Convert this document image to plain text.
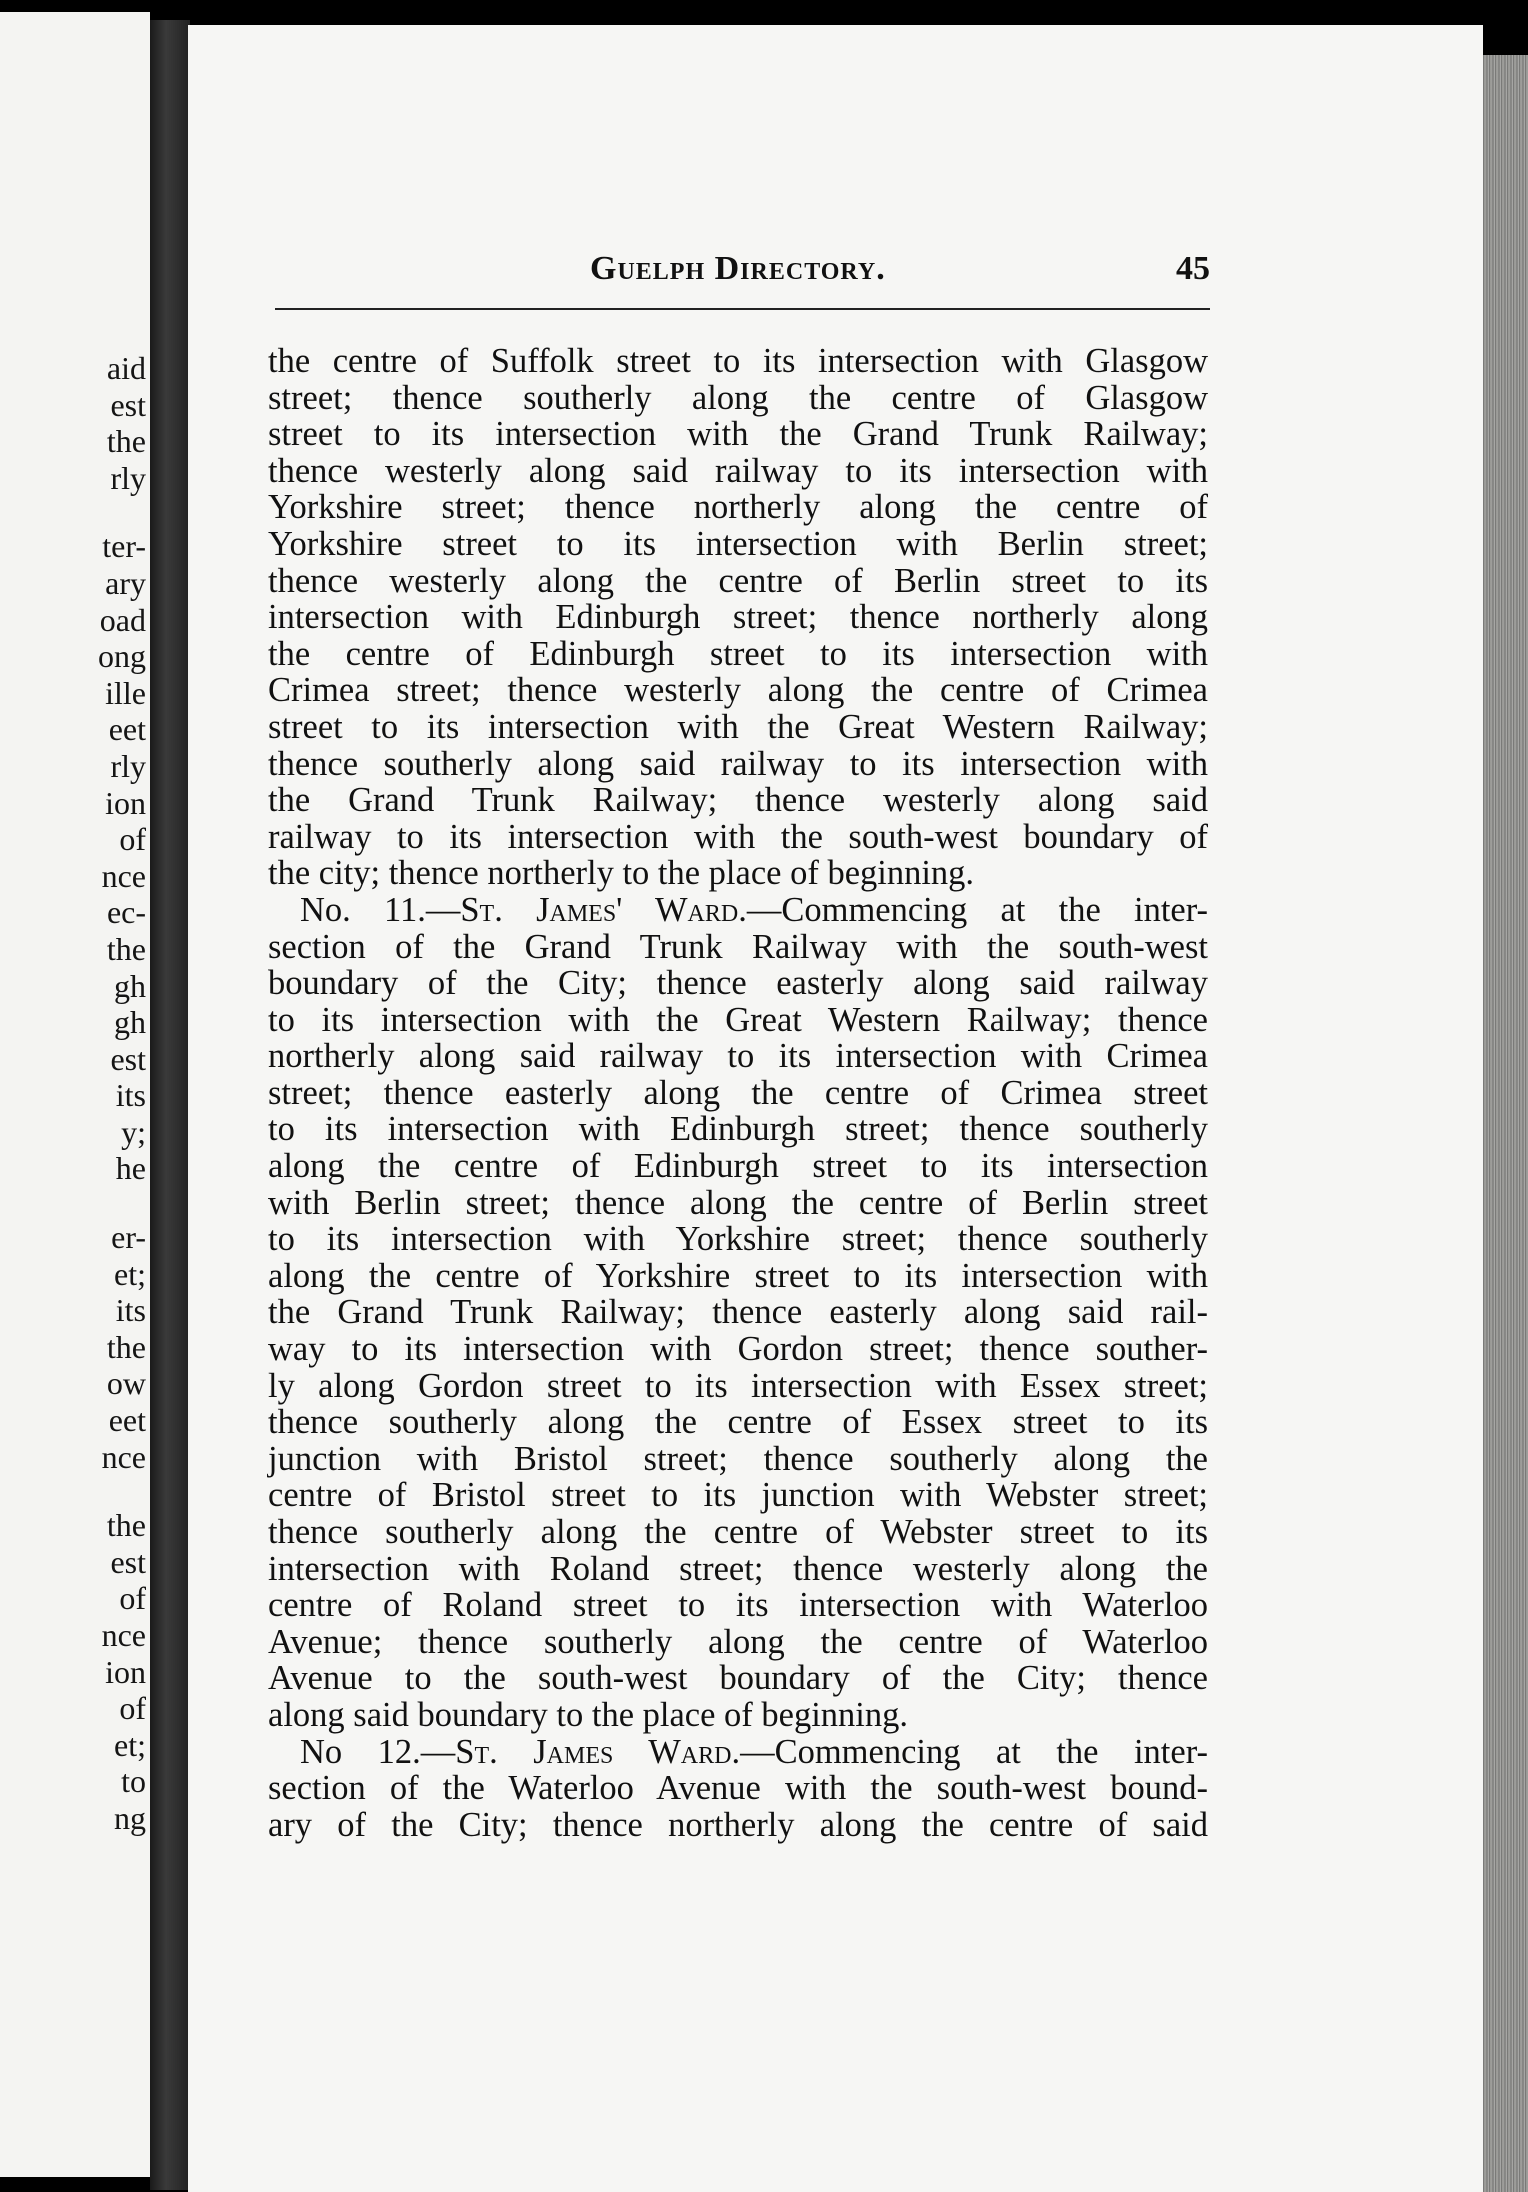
aid
est
the
rly
ter-
ary
oad
ong
ille
eet
rly
ion
of
nce
ec-
the
gh
gh
est
its
y;
he
er-
et;
its
the
ow
eet
nce
the
est
of
nce
ion
of
et;
to
ng
Guelph Directory.	45
the centre of Suffolk street to its intersection with Glasgow
street; thence southerly along the centre of Glasgow
street to its intersection with the Grand Trunk Railway;
thence westerly along said railway to its intersection with
Yorkshire street; thence northerly along the centre of
Yorkshire street to its intersection with Berlin street;
thence westerly along the centre of Berlin street to its
intersection with Edinburgh street; thence northerly along
the centre of Edinburgh street to its intersection with
Crimea street; thence westerly along the centre of Crimea
street to its intersection with the Great Western Railway;
thence southerly along said railway to its intersection with
the Grand Trunk Railway; thence westerly along said
railway to its intersection with the south-west boundary of
the city; thence northerly to the place of beginning.
No. 11.—St. James' Ward.—Commencing at the inter-
section of the Grand Trunk Railway with the south-west
boundary of the City; thence easterly along said railway
to its intersection with the Great Western Railway; thence
northerly along said railway to its intersection with Crimea
street; thence easterly along the centre of Crimea street
to its intersection with Edinburgh street; thence southerly
along the centre of Edinburgh street to its intersection
with Berlin street; thence along the centre of Berlin street
to its intersection with Yorkshire street; thence southerly
along the centre of Yorkshire street to its intersection with
the Grand Trunk Railway; thence easterly along said rail-
way to its intersection with Gordon street; thence souther-
ly along Gordon street to its intersection with Essex street;
thence southerly along the centre of Essex street to its
junction with Bristol street; thence southerly along the
centre of Bristol street to its junction with Webster street;
thence southerly along the centre of Webster street to its
intersection with Roland street; thence westerly along the
centre of Roland street to its intersection with Waterloo
Avenue; thence southerly along the centre of Waterloo
Avenue to the south-west boundary of the City; thence
along said boundary to the place of beginning.
No 12.—St. James Ward.—Commencing at the inter-
section of the Waterloo Avenue with the south-west bound-
ary of the City; thence northerly along the centre of said
